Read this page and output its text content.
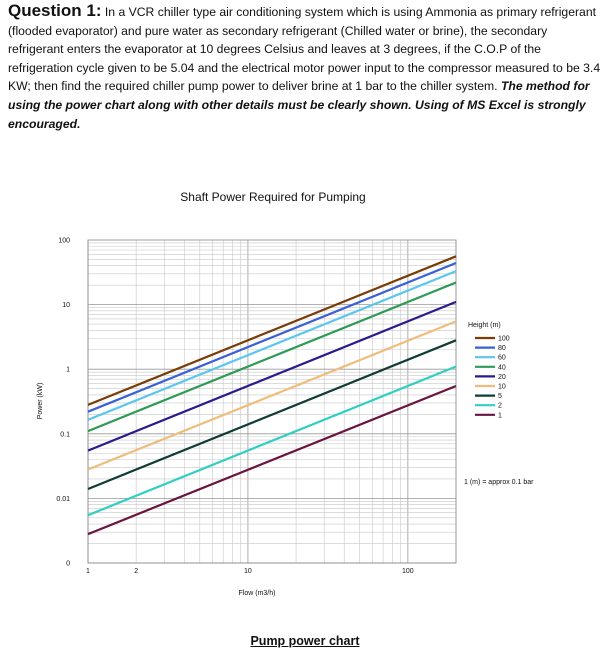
Question 1: In a VCR chiller type air conditioning system which is using Ammonia as primary refrigerant (flooded evaporator) and pure water as secondary refrigerant (Chilled water or brine), the secondary refrigerant enters the evaporator at 10 degrees Celsius and leaves at 3 degrees, if the C.O.P of the refrigeration cycle given to be 5.04 and the electrical motor power input to the compressor measured to be 3.4 KW; then find the required chiller pump power to deliver brine at 1 bar to the chiller system. The method for using the power chart along with other details must be clearly shown. Using of MS Excel is strongly encouraged.
Shaft Power Required for Pumping
100
10
1
0.1
0.01
0
1	2	10	100
Power (kW)
Flow (m3/h)
Height (m)
100
80
60
40
20
10
5
2
1
1 (m) = approx 0.1 bar
Pump power chart
